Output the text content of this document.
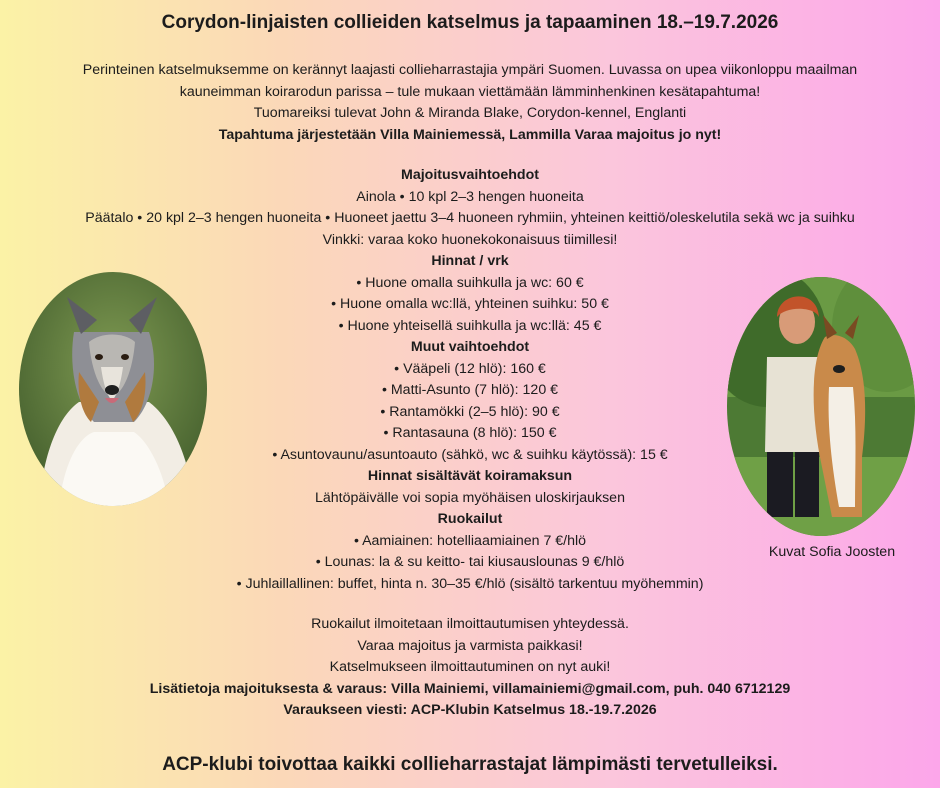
Corydon-linjaisten collieiden katselmus ja tapaaminen 18.–19.7.2026
Perinteinen katselmuksemme on kerännyt laajasti collieharrastajia ympäri Suomen. Luvassa on upea viikonloppu maailman
kauneimman koirarodun parissa – tule mukaan viettämään lämminhenkinen kesätapahtuma!
Tuomareiksi tulevat John & Miranda Blake, Corydon-kennel, Englanti
Tapahtuma järjestetään Villa Mainiemessä, Lammilla Varaa majoitus jo nyt!
Majoitusvaihtoehdot
Ainola • 10 kpl 2–3 hengen huoneita
Päätalo • 20 kpl 2–3 hengen huoneita • Huoneet jaettu 3–4 huoneen ryhmiin, yhteinen keittiö/oleskelutila sekä wc ja suihku
Vinkki: varaa koko huonekokonaisuus tiimillesi!
Hinnat / vrk
• Huone omalla suihkulla ja wc: 60 €
• Huone omalla wc:llä, yhteinen suihku: 50 €
• Huone yhteisellä suihkulla ja wc:llä: 45 €
Muut vaihtoehdot
• Vääpeli (12 hlö): 160 €
• Matti-Asunto (7 hlö): 120 €
• Rantamökki (2–5 hlö): 90 €
• Rantasauna (8 hlö): 150 €
• Asuntovaunu/asuntoauto (sähkö, wc & suihku käytössä): 15 €
Hinnat sisältävät koiramaksun
Lähtöpäivälle voi sopia myöhäisen uloskirjauksen
Ruokailut
• Aamiainen: hotelliaamiainen 7 €/hlö
• Lounas: la & su keitto- tai kiusauslounas 9 €/hlö
• Juhlaillallinen: buffet, hinta n. 30–35 €/hlö (sisältö tarkentuu myöhemmin)
Ruokailut ilmoitetaan ilmoittautumisen yhteydessä.
Varaa majoitus ja varmista paikkasi!
Katselmukseen ilmoittautuminen on nyt auki!
Lisätietoja majoituksesta & varaus: Villa Mainiemi, villamainiemi@gmail.com, puh. 040 6712129
Varaukseen viesti: ACP-Klubin Katselmus 18.-19.7.2026
ACP-klubi toivottaa kaikki collieharrastajat lämpimästi tervetulleiksi.
Kuvat Sofia Joosten
